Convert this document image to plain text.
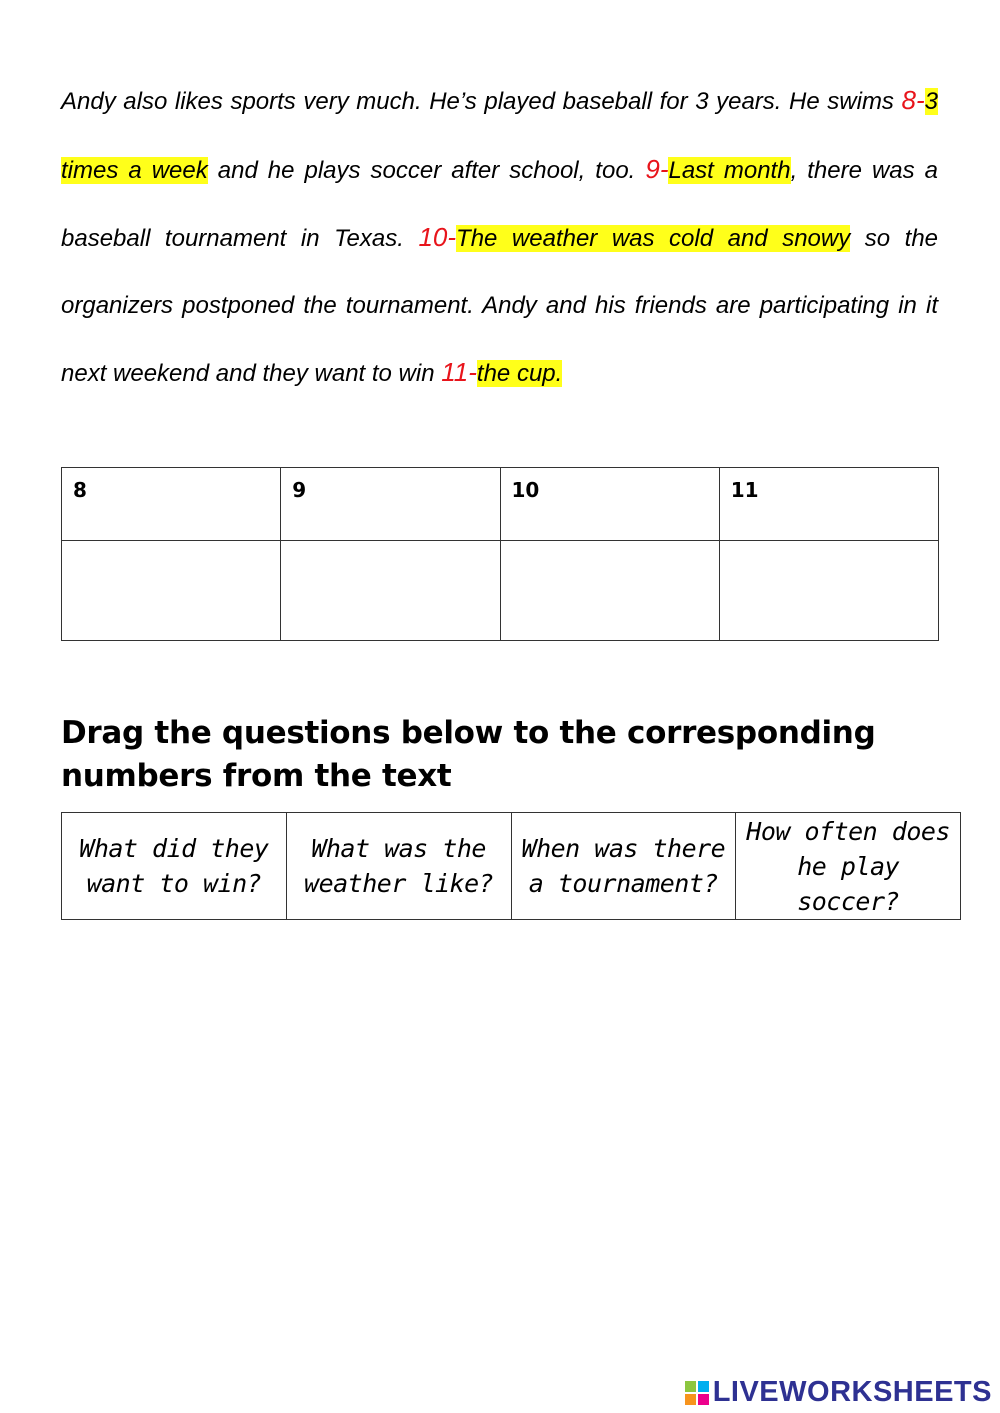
Andy also likes sports very much. He’s played baseball for 3 years. He swims 8-3 times a week and he plays soccer after school, too. 9-Last month, there was a baseball tournament in Texas. 10-The weather was cold and snowy so the organizers postponed the tournament. Andy and his friends are participating in it next weekend and they want to win 11-the cup.

8	9	10	11

Drag the questions below to the corresponding numbers from the text
What did they want to win?	What was the weather like?	When was there a tournament?	How often does he play soccer?
LIVEWORKSHEETS
